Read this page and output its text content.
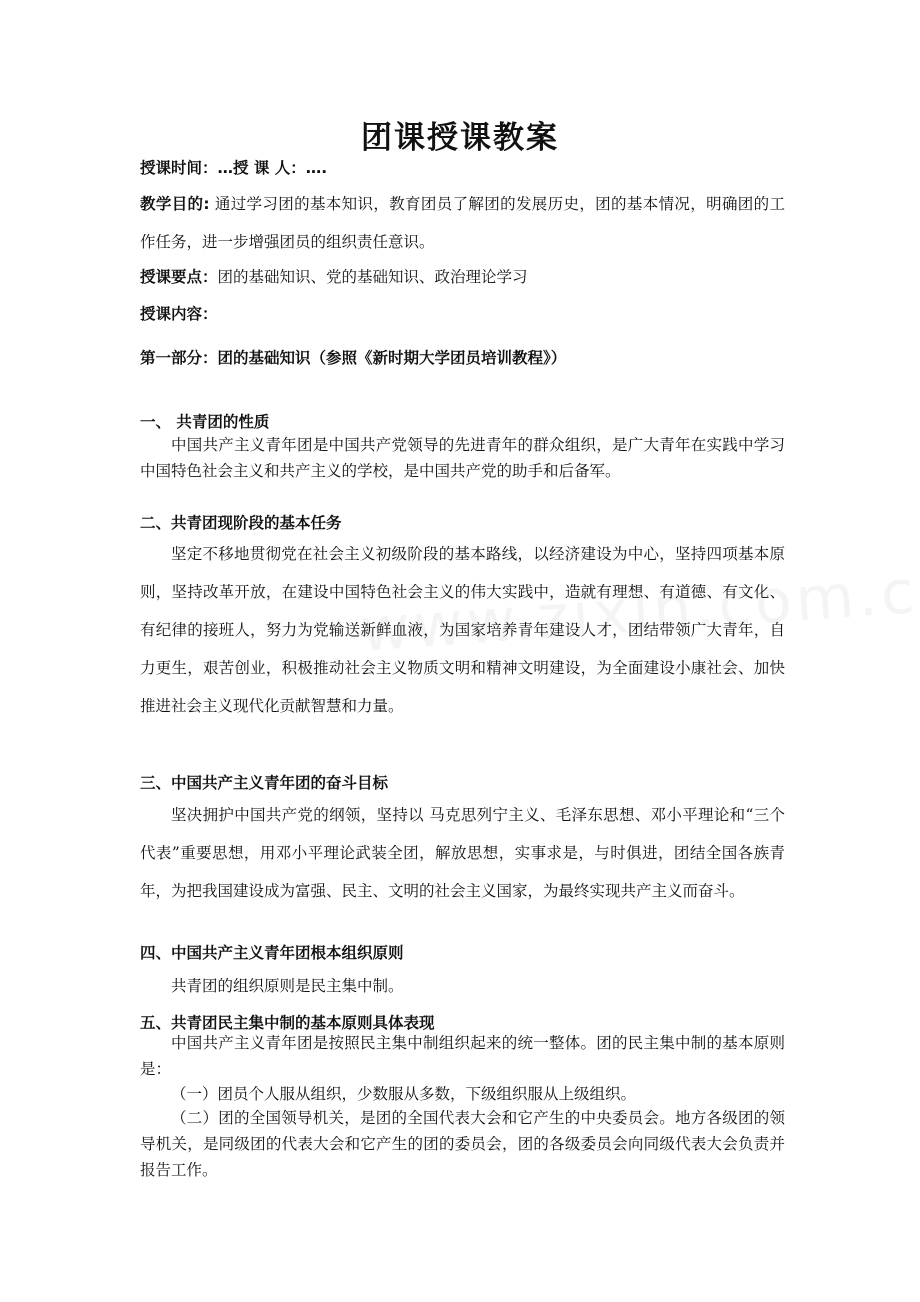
团课授课教案
授课时间：…授 课 人：….
教学目的: 通过学习团的基本知识，教育团员了解团的发展历史，团的基本情况，明确团的工作任务，进一步增强团员的组织责任意识。
授课要点：团的基础知识、党的基础知识、政治理论学习
授课内容：
第一部分：团的基础知识（参照《新时期大学团员培训教程》）
一、 共青团的性质
中国共产主义青年团是中国共产党领导的先进青年的群众组织，是广大青年在实践中学习中国特色社会主义和共产主义的学校，是中国共产党的助手和后备军。
二、共青团现阶段的基本任务
坚定不移地贯彻党在社会主义初级阶段的基本路线，以经济建设为中心，坚持四项基本原则，坚持改革开放，在建设中国特色社会主义的伟大实践中，造就有理想、有道德、有文化、有纪律的接班人，努力为党输送新鲜血液，为国家培养青年建设人才，团结带领广大青年，自力更生，艰苦创业，积极推动社会主义物质文明和精神文明建设，为全面建设小康社会、加快推进社会主义现代化贡献智慧和力量。
三、中国共产主义青年团的奋斗目标
坚决拥护中国共产党的纲领，坚持以 马克思列宁主义、毛泽东思想、邓小平理论和“三个代表”重要思想，用邓小平理论武装全团，解放思想，实事求是，与时俱进，团结全国各族青年，为把我国建设成为富强、民主、文明的社会主义国家，为最终实现共产主义而奋斗。
四、中国共产主义青年团根本组织原则
共青团的组织原则是民主集中制。
五、共青团民主集中制的基本原则具体表现
中国共产主义青年团是按照民主集中制组织起来的统一整体。团的民主集中制的基本原则是：
（一）团员个人服从组织，少数服从多数，下级组织服从上级组织。
（二）团的全国领导机关，是团的全国代表大会和它产生的中央委员会。地方各级团的领导机关，是同级团的代表大会和它产生的团的委员会，团的各级委员会向同级代表大会负责并报告工作。
